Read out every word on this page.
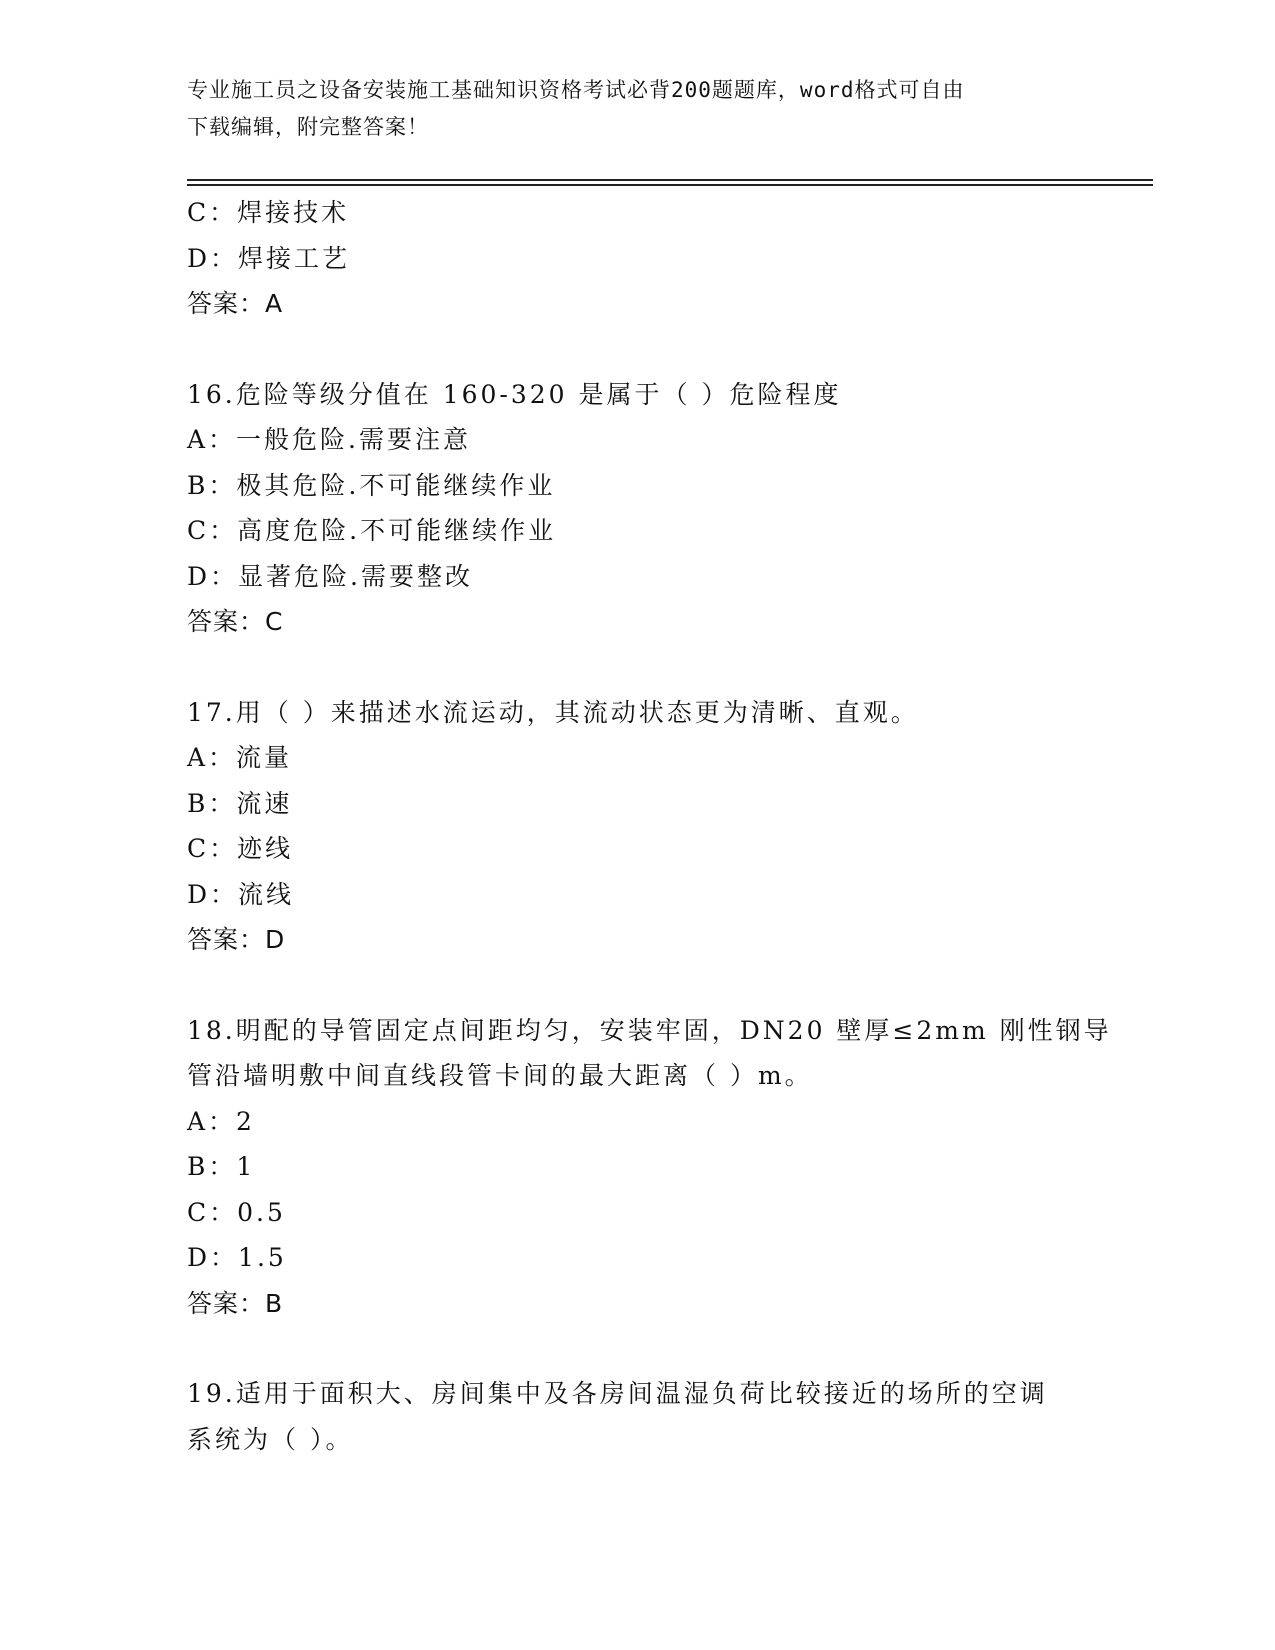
专业施工员之设备安装施工基础知识资格考试必背200题题库，word格式可自由
下载编辑，附完整答案！
C：焊接技术
D：焊接工艺
答案：A
16.危险等级分值在 160-320 是属于（ ）危险程度
A：一般危险.需要注意
B：极其危险.不可能继续作业
C：高度危险.不可能继续作业
D：显著危险.需要整改
答案：C
17.用（ ）来描述水流运动，其流动状态更为清晰、直观。
A：流量
B：流速
C：迹线
D：流线
答案：D
18.明配的导管固定点间距均匀，安装牢固，DN20 壁厚≤2mm 刚性钢导
管沿墙明敷中间直线段管卡间的最大距离（ ）m。
A：2
B：1
C：0.5
D：1.5
答案：B
19.适用于面积大、房间集中及各房间温湿负荷比较接近的场所的空调
系统为（ ）。
